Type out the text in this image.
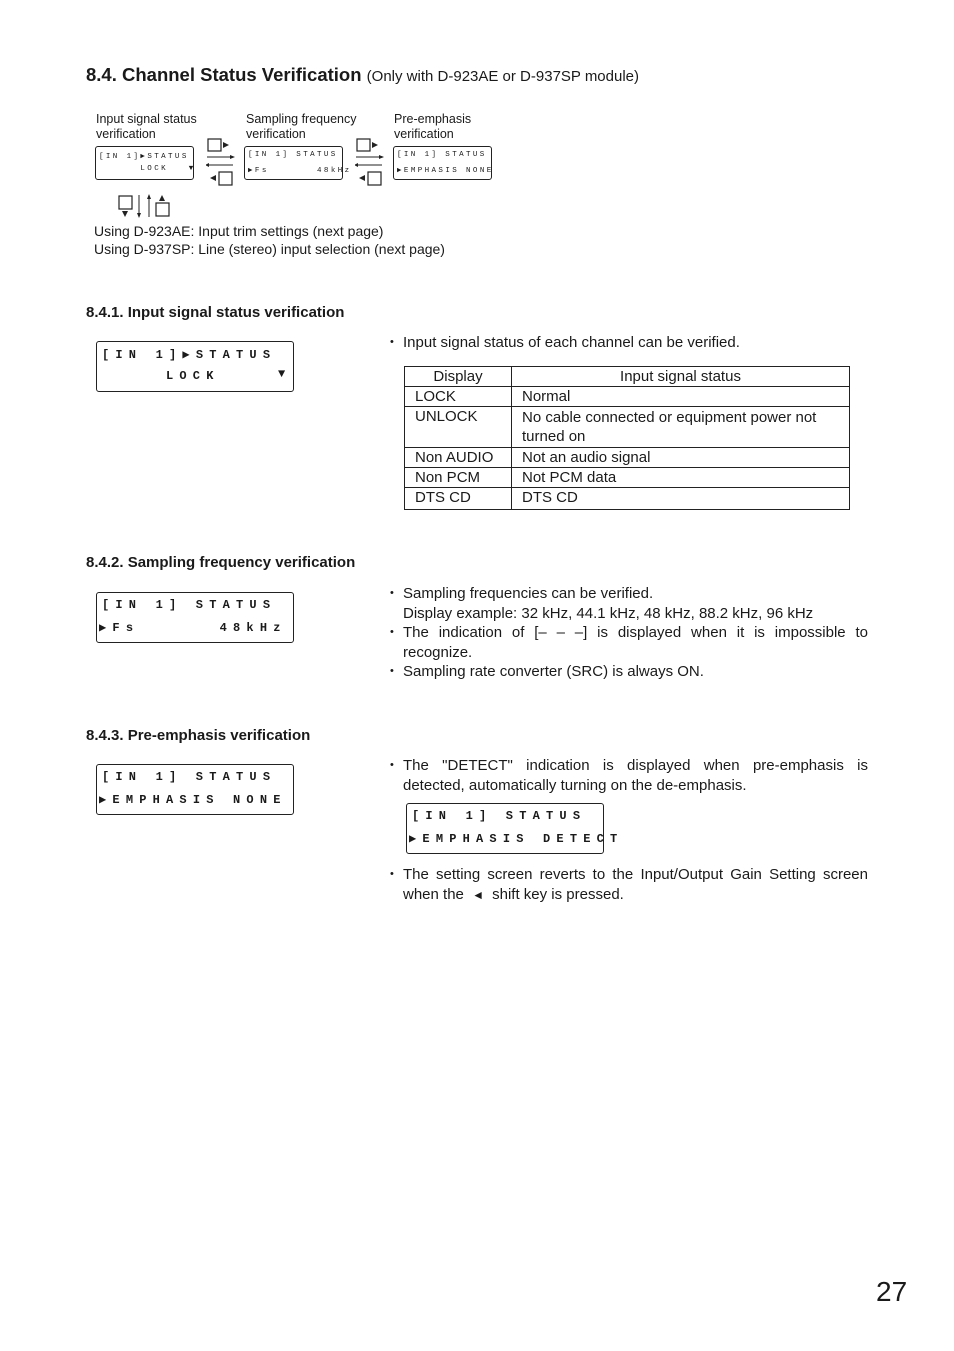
8.4. Channel Status Verification (Only with D-923AE or D-937SP module)
Input signal status
verification
Sampling frequency
verification
Pre-emphasis
verification
[IN 1]▶STATUS
LOCK   ▼
[IN 1] STATUS
▶Fs       48kHz
[IN 1] STATUS
▶EMPHASIS NONE
Using D-923AE: Input trim settings (next page)
Using D-937SP: Line (stereo) input selection (next page)
8.4.1. Input signal status verification
[IN 1]▶STATUS
LOCK	▼
• Input signal status of each channel can be verified.
Display	Input signal status
LOCK	Normal
UNLOCK	No cable connected or equipment power not turned on
Non AUDIO	Not an audio signal
Non PCM	Not PCM data
DTS CD	DTS CD
8.4.2. Sampling frequency verification
[IN 1] STATUS
▶Fs      48kHz
• Sampling frequencies can be verified.
Display example: 32 kHz, 44.1 kHz, 48 kHz, 88.2 kHz, 96 kHz
• The indication of [– – –] is displayed when it is impossible to recognize.
• Sampling rate converter (SRC) is always ON.
8.4.3. Pre-emphasis verification
[IN 1] STATUS
▶EMPHASIS NONE
• The "DETECT" indication is displayed when pre-emphasis is detected, automatically turning on the de-emphasis.
[IN 1] STATUS
▶EMPHASIS DETECT
• The setting screen reverts to the Input/Output Gain Setting screen when the ◄ shift key is pressed.
27
